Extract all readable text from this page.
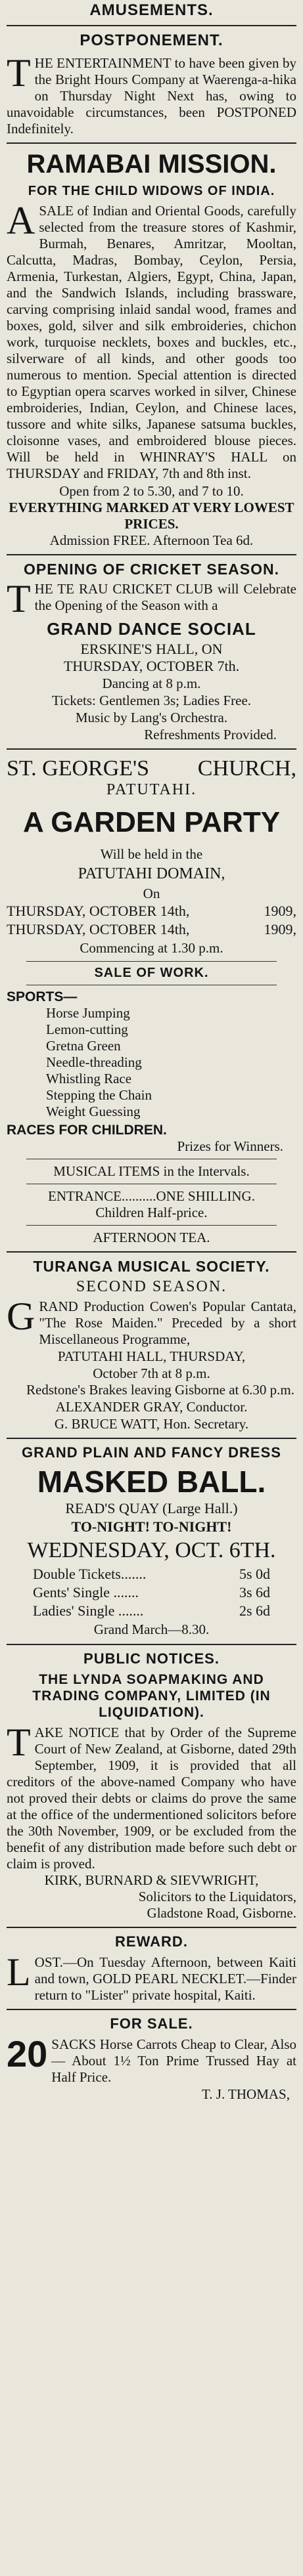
AMUSEMENTS.
POSTPONEMENT.

THE ENTERTAINMENT to have been given by the Bright Hours Company at Waerenga-a-hika on Thursday Night Next has, owing to unavoidable circumstances, been POSTPONED Indefinitely.

RAMABAI MISSION.
FOR THE CHILD WIDOWS OF INDIA.

ASALE of Indian and Oriental Goods, carefully selected from the treasure stores of Kashmir, Burmah, Benares, Amritzar, Mooltan, Calcutta, Madras, Bombay, Ceylon, Persia, Armenia, Turkestan, Algiers, Egypt, China, Japan, and the Sandwich Islands, including brassware, carving comprising inlaid sandal wood, frames and boxes, gold, silver and silk embroideries, chichon work, turquoise necklets, boxes and buckles, etc., silverware of all kinds, and other goods too numerous to mention. Special attention is directed to Egyptian opera scarves worked in silver, Chinese embroideries, Indian, Ceylon, and Chinese laces, tussore and white silks, Japanese satsuma buckles, cloisonne vases, and embroidered blouse pieces. Will be held in WHINRAY'S HALL on THURSDAY and FRIDAY, 7th and 8th inst.

Open from 2 to 5.30, and 7 to 10.
EVERYTHING MARKED AT VERY LOWEST PRICES.
Admission FREE. Afternoon Tea 6d.
OPENING OF CRICKET SEASON.

THE TE RAU CRICKET CLUB will Celebrate the Opening of the Season with a

GRAND DANCE SOCIAL
ERSKINE'S HALL, ON
THURSDAY, OCTOBER 7th.
Dancing at 8 p.m.
Tickets: Gentlemen 3s; Ladies Free.
Music by Lang's Orchestra.
Refreshments Provided.
ST. GEORGE'S CHURCH,
PATUTAHI.
A GARDEN PARTY
Will be held in the
PATUTAHI DOMAIN,
On
THURSDAY, OCTOBER 14th,	1909,
THURSDAY, OCTOBER 14th,	1909,
Commencing at 1.30 p.m.
SALE OF WORK.
SPORTS—
Horse Jumping
Lemon-cutting
Gretna Green
Needle-threading
Whistling Race
Stepping the Chain
Weight Guessing
RACES FOR CHILDREN.
Prizes for Winners.
MUSICAL ITEMS in the Intervals.
ENTRANCE..........ONE SHILLING.
Children Half-price.
AFTERNOON TEA.
TURANGA MUSICAL SOCIETY.
SECOND SEASON.

GRAND Production Cowen's Popular Cantata, "The Rose Maiden." Preceded by a short Miscellaneous Programme,

PATUTAHI HALL, THURSDAY,
October 7th at 8 p.m.
Redstone's Brakes leaving Gisborne at 6.30 p.m.
ALEXANDER GRAY, Conductor.
G. BRUCE WATT, Hon. Secretary.
GRAND PLAIN AND FANCY DRESS
MASKED BALL.
READ'S QUAY (Large Hall.)
TO-NIGHT! TO-NIGHT!
WEDNESDAY, OCT. 6TH.
Double Tickets.......	5s 0d
Gents' Single .......	3s 6d
Ladies' Single .......	2s 6d
Grand March—8.30.
PUBLIC NOTICES.
THE LYNDA SOAPMAKING AND TRADING COMPANY, LIMITED (IN LIQUIDATION).

TAKE NOTICE that by Order of the Supreme Court of New Zealand, at Gisborne, dated 29th September, 1909, it is provided that all creditors of the above-named Company who have not proved their debts or claims do prove the same at the office of the undermentioned solicitors before the 30th November, 1909, or be excluded from the benefit of any distribution made before such debt or claim is proved.

KIRK, BURNARD & SIEVWRIGHT,
Solicitors to the Liquidators,
Gladstone Road, Gisborne.
REWARD.

LOST.—On Tuesday Afternoon, between Kaiti and town, GOLD PEARL NECKLET.—Finder return to "Lister" private hospital, Kaiti.

FOR SALE.

20 SACKS Horse Carrots Cheap to Clear, Also— About 1½ Ton Prime Trussed Hay at Half Price.

T. J. THOMAS,
